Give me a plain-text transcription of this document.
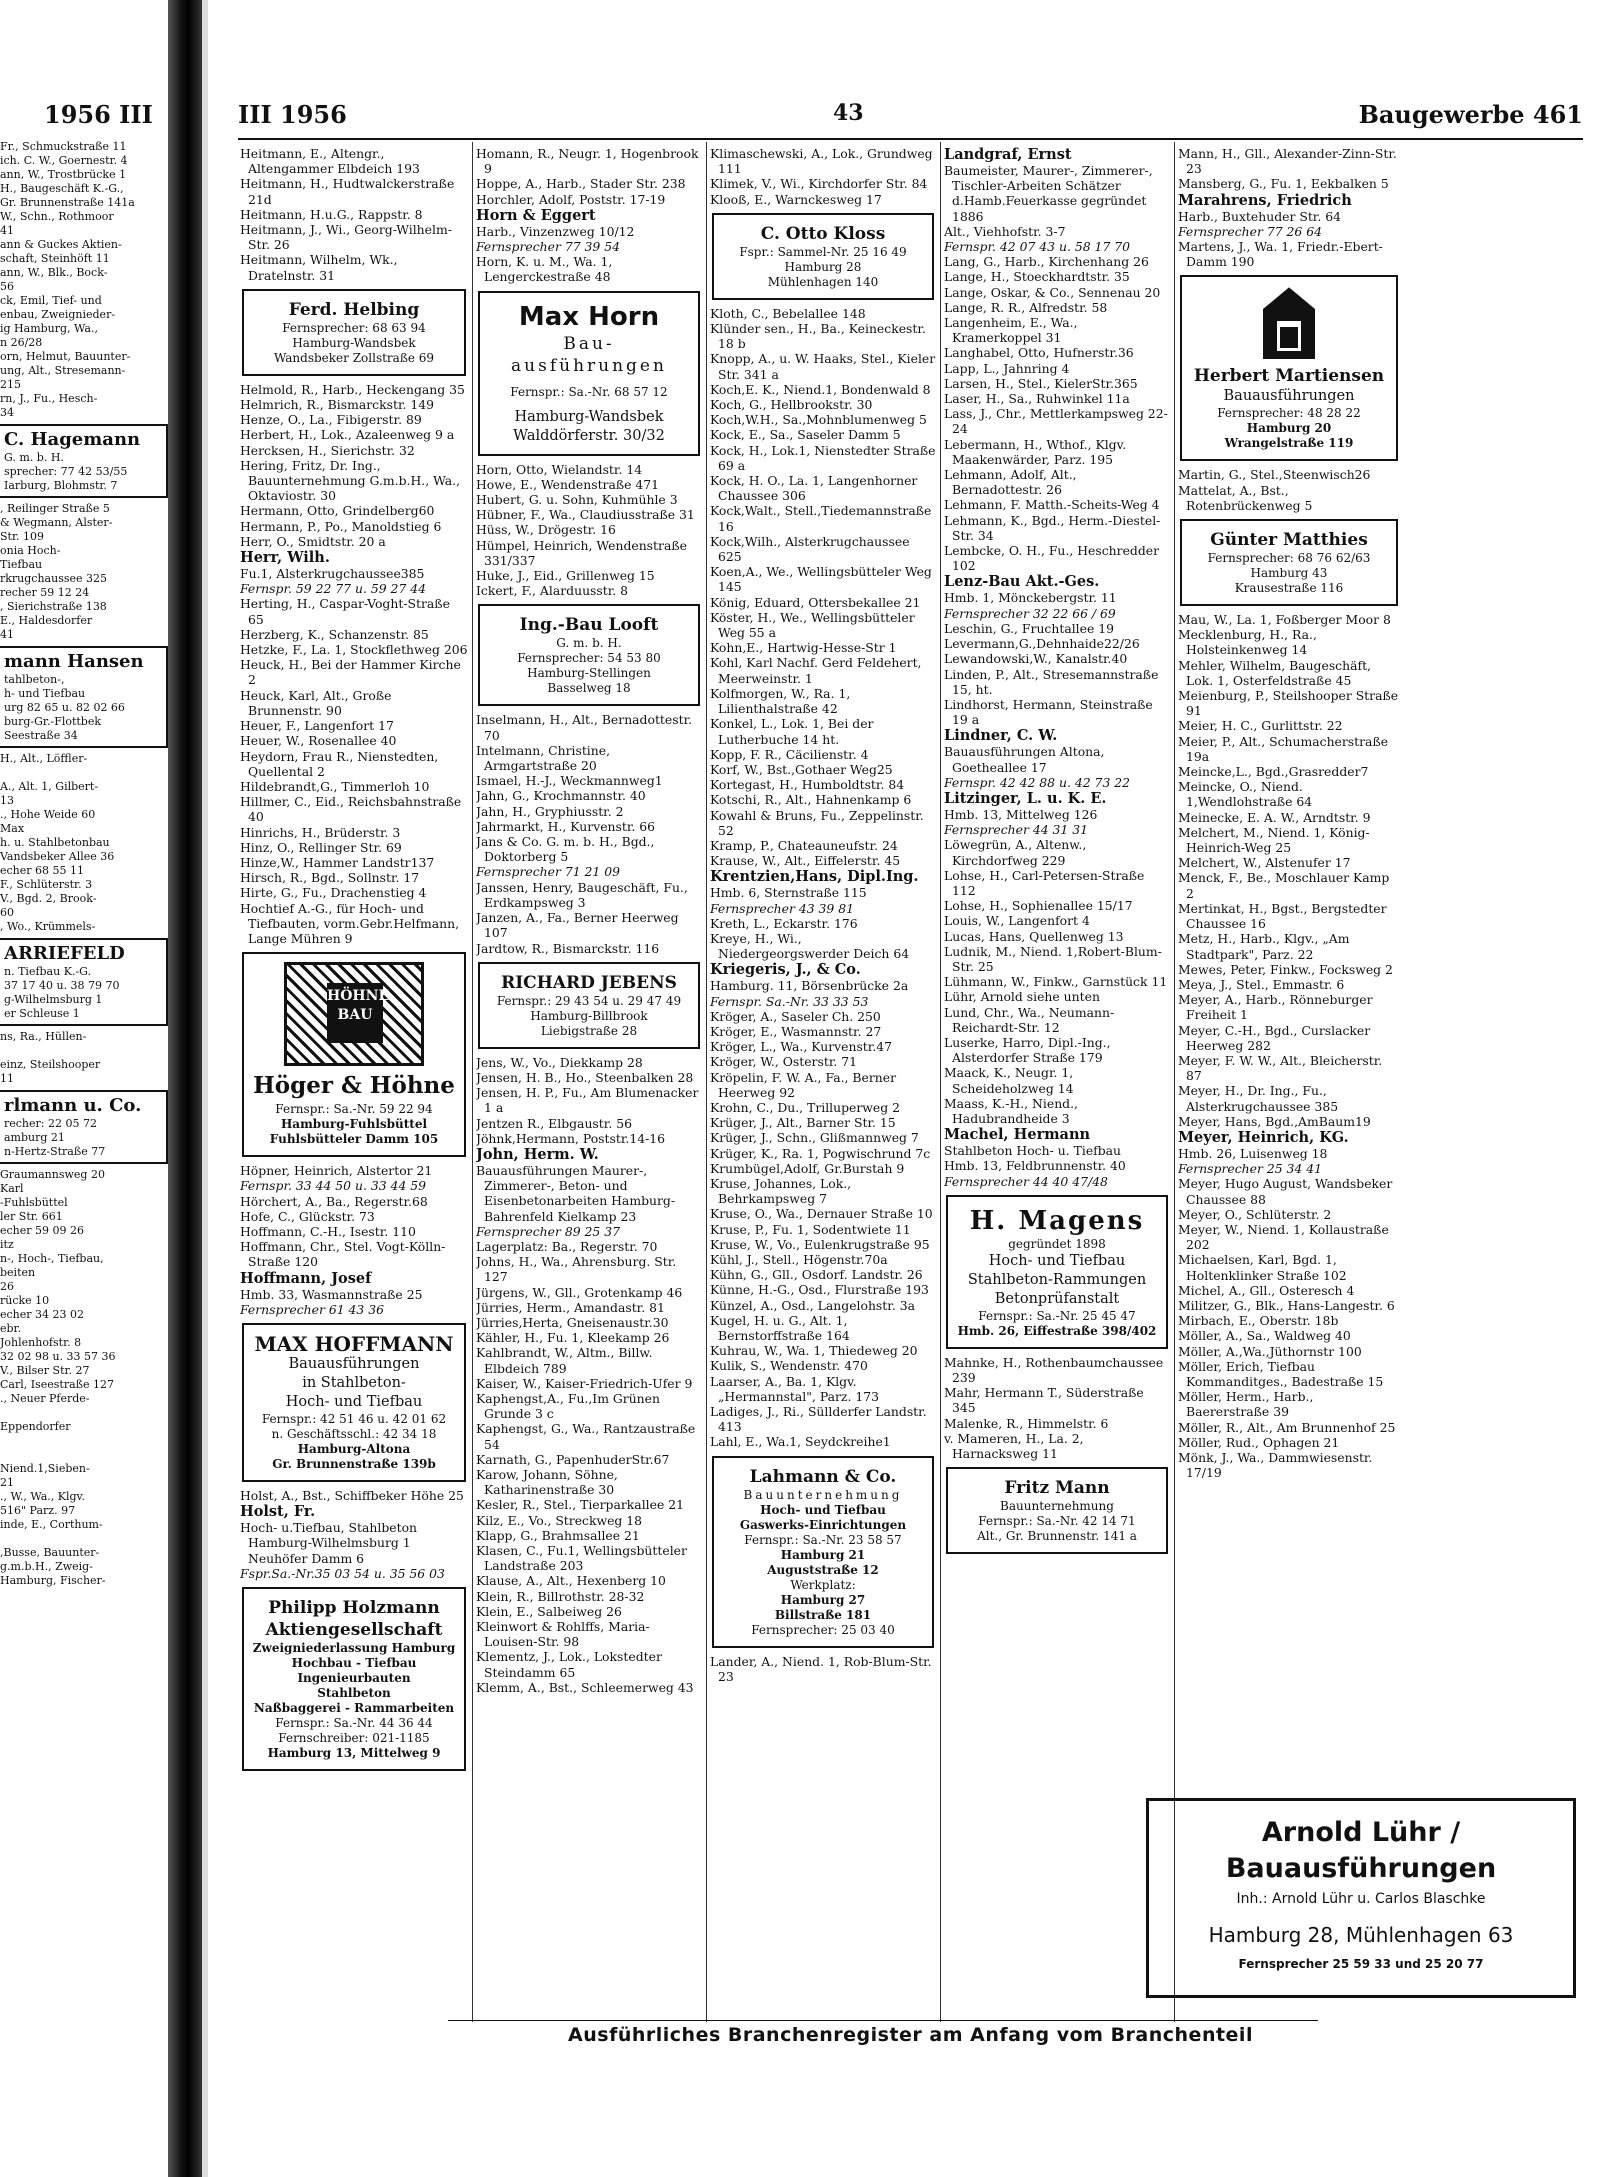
1956 III
Fr., Schmuckstraße 11
ich. C. W., Goernestr. 4
ann, W., Trostbrücke 1
H., Baugeschäft K.-G.,
Gr. Brunnenstraße 141a
W., Schn., Rothmoor
41
ann & Guckes Aktien-
schaft, Steinhöft 11
ann, W., Blk., Bock-
56
ck, Emil, Tief- und
enbau, Zweignieder-
ig Hamburg, Wa.,
n 26/28
orn, Helmut, Bauunter-
ung, Alt., Stresemann-
215
rn, J., Fu., Hesch-
34
C. Hagemann
G. m. b. H.
sprecher: 77 42 53/55
Iarburg, Blohmstr. 7
, Reilinger Straße 5
& Wegmann, Alster-
Str. 109
onia Hoch-
Tiefbau
rkrugchaussee 325
recher 59 12 24
, Sierichstraße 138
E., Haldesdorfer
41
mann Hansen
tahlbeton-,
h- und Tiefbau
urg 82 65 u. 82 02 66
burg-Gr.-Flottbek
Seestraße 34
H., Alt., Löffler-

A., Alt. 1, Gilbert-
13
., Hohe Weide 60
Max
h. u. Stahlbetonbau
Vandsbeker Allee 36
echer 68 55 11
F., Schlüterstr. 3
V., Bgd. 2, Brook-
60
, Wo., Krümmels-
ARRIEFELD
n. Tiefbau K.-G.
37 17 40 u. 38 79 70
g-Wilhelmsburg 1
er Schleuse 1
ns, Ra., Hüllen-

einz, Steilshooper
11
rlmann u. Co.
recher: 22 05 72
amburg 21
n-Hertz-Straße 77
Graumannsweg 20
Karl
-Fuhlsbüttel
ler Str. 661
echer 59 09 26
itz
n-, Hoch-, Tiefbau,
beiten
26
rücke 10
echer 34 23 02
ebr.
Johlenhofstr. 8
32 02 98 u. 33 57 36
V., Bilser Str. 27
Carl, Iseestraße 127
., Neuer Pferde-

Eppendorfer

Niend.1,Sieben-
21
., W., Wa., Klgv.
516" Parz. 97
inde, E., Corthum-

,Busse, Bauunter-
g.m.b.H., Zweig-
Hamburg, Fischer-
III 1956	43	Baugewerbe 461
Heitmann, E., Altengr., Altengammer Elbdeich 193
Heitmann, H., Hudtwalckerstraße 21d
Heitmann, H.u.G., Rappstr. 8
Heitmann, J., Wi., Georg-Wilhelm-Str. 26
Heitmann, Wilhelm, Wk., Dratelnstr. 31
Ferd. Helbing
Fernsprecher: 68 63 94
Hamburg-Wandsbek
Wandsbeker Zollstraße 69
Helmold, R., Harb., Heckengang 35
Helmrich, R., Bismarckstr. 149
Henze, O., La., Fibigerstr. 89
Herbert, H., Lok., Azaleenweg 9 a
Hercksen, H., Sierichstr. 32
Hering, Fritz, Dr. Ing., Bauunternehmung G.m.b.H., Wa., Oktaviostr. 30
Hermann, Otto, Grindelberg60
Hermann, P., Po., Manoldstieg 6
Herr, O., Smidtstr. 20 a
Herr, Wilh.
Fu.1, Alsterkrugchaussee385
Fernspr. 59 22 77 u. 59 27 44
Herting, H., Caspar-Voght-Straße 65
Herzberg, K., Schanzenstr. 85
Hetzke, F., La. 1, Stockflethweg 206
Heuck, H., Bei der Hammer Kirche 2
Heuck, Karl, Alt., Große Brunnenstr. 90
Heuer, F., Langenfort 17
Heuer, W., Rosenallee 40
Heydorn, Frau R., Nienstedten, Quellental 2
Hildebrandt,G., Timmerloh 10
Hillmer, C., Eid., Reichsbahnstraße 40
Hinrichs, H., Brüderstr. 3
Hinz, O., Rellinger Str. 69
Hinze,W., Hammer Landstr137
Hirsch, R., Bgd., Sollnstr. 17
Hirte, G., Fu., Drachenstieg 4
Hochtief A.-G., für Hoch- und Tiefbauten, vorm.Gebr.Helfmann, Lange Mühren 9
HÖHNE BAU
Höger & Höhne
Fernspr.: Sa.-Nr. 59 22 94
Hamburg-Fuhlsbüttel
Fuhlsbütteler Damm 105
Höpner, Heinrich, Alstertor 21
Fernspr. 33 44 50 u. 33 44 59
Hörchert, A., Ba., Regerstr.68
Hofe, C., Glückstr. 73
Hoffmann, C.-H., Isestr. 110
Hoffmann, Chr., Stel. Vogt-Kölln-Straße 120
Hoffmann, Josef
Hmb. 33, Wasmannstraße 25
Fernsprecher 61 43 36
MAX HOFFMANN
Bauausführungen
in Stahlbeton-
Hoch- und Tiefbau
Fernspr.: 42 51 46 u. 42 01 62
n. Geschäftsschl.: 42 34 18
Hamburg-Altona
Gr. Brunnenstraße 139b
Holst, A., Bst., Schiffbeker Höhe 25
Holst, Fr.
Hoch- u.Tiefbau, Stahlbeton Hamburg-Wilhelmsburg 1 Neuhöfer Damm 6
Fspr.Sa.-Nr.35 03 54 u. 35 56 03
Philipp Holzmann
Aktiengesellschaft
Zweigniederlassung Hamburg
Hochbau - Tiefbau
Ingenieurbauten
Stahlbeton
Naßbaggerei - Rammarbeiten
Fernspr.: Sa.-Nr. 44 36 44
Fernschreiber: 021-1185
Hamburg 13, Mittelweg 9
Homann, R., Neugr. 1, Hogenbrook 9
Hoppe, A., Harb., Stader Str. 238
Horchler, Adolf, Poststr. 17-19
Horn & Eggert
Harb., Vinzenzweg 10/12
Fernsprecher 77 39 54
Horn, K. u. M., Wa. 1, Lengerckestraße 48
Max Horn
Bau-
ausführungen
Fernspr.: Sa.-Nr. 68 57 12
Hamburg-Wandsbek
Walddörferstr. 30/32
Horn, Otto, Wielandstr. 14
Howe, E., Wendenstraße 471
Hubert, G. u. Sohn, Kuhmühle 3
Hübner, F., Wa., Claudiusstraße 31
Hüss, W., Drögestr. 16
Hümpel, Heinrich, Wendenstraße 331/337
Huke, J., Eid., Grillenweg 15
Ickert, F., Alarduusstr. 8
Ing.-Bau Looft
G. m. b. H.
Fernsprecher: 54 53 80
Hamburg-Stellingen
Basselweg 18
Inselmann, H., Alt., Bernadottestr. 70
Intelmann, Christine, Armgartstraße 20
Ismael, H.-J., Weckmannweg1
Jahn, G., Krochmannstr. 40
Jahn, H., Gryphiusstr. 2
Jahrmarkt, H., Kurvenstr. 66
Jans & Co. G. m. b. H., Bgd., Doktorberg 5
Fernsprecher 71 21 09
Janssen, Henry, Baugeschäft, Fu., Erdkampsweg 3
Janzen, A., Fa., Berner Heerweg 107
Jardtow, R., Bismarckstr. 116
RICHARD JEBENS
Fernspr.: 29 43 54 u. 29 47 49
Hamburg-Billbrook
Liebigstraße 28
Jens, W., Vo., Diekkamp 28
Jensen, H. B., Ho., Steenbalken 28
Jensen, H. P., Fu., Am Blumenacker 1 a
Jentzen R., Elbgaustr. 56
Jöhnk,Hermann, Poststr.14-16
John, Herm. W.
Bauausführungen Maurer-, Zimmerer-, Beton- und Eisenbetonarbeiten Hamburg-Bahrenfeld Kielkamp 23
Fernsprecher 89 25 37
Lagerplatz: Ba., Regerstr. 70
Johns, H., Wa., Ahrensburg. Str. 127
Jürgens, W., Gll., Grotenkamp 46
Jürries, Herm., Amandastr. 81
Jürries,Herta, Gneisenaustr.30
Kähler, H., Fu. 1, Kleekamp 26
Kahlbrandt, W., Altm., Billw. Elbdeich 789
Kaiser, W., Kaiser-Friedrich-Ufer 9
Kaphengst,A., Fu.,Im Grünen Grunde 3 c
Kaphengst, G., Wa., Rantzaustraße 54
Karnath, G., PapenhuderStr.67
Karow, Johann, Söhne, Katharinenstraße 30
Kesler, R., Stel., Tierparkallee 21
Kilz, E., Vo., Streckweg 18
Klapp, G., Brahmsallee 21
Klasen, C., Fu.1, Wellingsbütteler Landstraße 203
Klause, A., Alt., Hexenberg 10
Klein, R., Billrothstr. 28-32
Klein, E., Salbeiweg 26
Kleinwort & Rohlffs, Maria-Louisen-Str. 98
Klementz, J., Lok., Lokstedter Steindamm 65
Klemm, A., Bst., Schleemerweg 43
Klimaschewski, A., Lok., Grundweg 111
Klimek, V., Wi., Kirchdorfer Str. 84
Klooß, E., Warnckesweg 17
C. Otto Kloss
Fspr.: Sammel-Nr. 25 16 49
Hamburg 28
Mühlenhagen 140
Kloth, C., Bebelallee 148
Klünder sen., H., Ba., Keineckestr. 18 b
Knopp, A., u. W. Haaks, Stel., Kieler Str. 341 a
Koch,E. K., Niend.1, Bondenwald 8
Koch, G., Hellbrookstr. 30
Koch,W.H., Sa.,Mohnblumenweg 5
Kock, E., Sa., Saseler Damm 5
Kock, H., Lok.1, Nienstedter Straße 69 a
Kock, H. O., La. 1, Langenhorner Chaussee 306
Kock,Walt., Stell.,Tiedemannstraße 16
Kock,Wilh., Alsterkrugchaussee 625
Koen,A., We., Wellingsbütteler Weg 145
König, Eduard, Ottersbekallee 21
Köster, H., We., Wellingsbütteler Weg 55 a
Kohn,E., Hartwig-Hesse-Str 1
Kohl, Karl Nachf. Gerd Feldehert, Meerweinstr. 1
Kolfmorgen, W., Ra. 1, Lilienthalstraße 42
Konkel, L., Lok. 1, Bei der Lutherbuche 14 ht.
Kopp, F. R., Cäcilienstr. 4
Korf, W., Bst.,Gothaer Weg25
Kortegast, H., Humboldtstr. 84
Kotschi, R., Alt., Hahnenkamp 6
Kowahl & Bruns, Fu., Zeppelinstr. 52
Kramp, P., Chateauneufstr. 24
Krause, W., Alt., Eiffelerstr. 45
Krentzien,Hans, Dipl.Ing.
Hmb. 6, Sternstraße 115
Fernsprecher 43 39 81
Kreth, L., Eckarstr. 176
Kreye, H., Wi., Niedergeorgswerder Deich 64
Kriegeris, J., & Co.
Hamburg. 11, Börsenbrücke 2a
Fernspr. Sa.-Nr. 33 33 53
Kröger, A., Saseler Ch. 250
Kröger, E., Wasmannstr. 27
Kröger, L., Wa., Kurvenstr.47
Kröger, W., Osterstr. 71
Kröpelin, F. W. A., Fa., Berner Heerweg 92
Krohn, C., Du., Trilluperweg 2
Krüger, J., Alt., Barner Str. 15
Krüger, J., Schn., Glißmannweg 7
Krüger, K., Ra. 1, Pogwischrund 7c
Krumbügel,Adolf, Gr.Burstah 9
Kruse, Johannes, Lok., Behrkampsweg 7
Kruse, O., Wa., Dernauer Straße 10
Kruse, P., Fu. 1, Sodentwiete 11
Kruse, W., Vo., Eulenkrugstraße 95
Kühl, J., Stell., Högenstr.70a
Kühn, G., Gll., Osdorf. Landstr. 26
Künne, H.-G., Osd., Flurstraße 193
Künzel, A., Osd., Langelohstr. 3a
Kugel, H. u. G., Alt. 1, Bernstorffstraße 164
Kuhrau, W., Wa. 1, Thiedeweg 20
Kulik, S., Wendenstr. 470
Laarser, A., Ba. 1, Klgv. „Hermannstal", Parz. 173
Ladiges, J., Ri., Süllderfer Landstr. 413
Lahl, E., Wa.1, Seydckreihe1
Lahmann & Co.
Bauunternehmung
Hoch- und Tiefbau
Gaswerks-Einrichtungen
Fernspr.: Sa.-Nr. 23 58 57
Hamburg 21
Auguststraße 12
Werkplatz:
Hamburg 27
Billstraße 181
Fernsprecher: 25 03 40
Lander, A., Niend. 1, Rob-Blum-Str. 23
Landgraf, Ernst
Baumeister, Maurer-, Zimmerer-, Tischler-Arbeiten Schätzer d.Hamb.Feuerkasse gegründet 1886
Alt., Viehhofstr. 3-7
Fernspr. 42 07 43 u. 58 17 70
Lang, G., Harb., Kirchenhang 26
Lange, H., Stoeckhardtstr. 35
Lange, Oskar, & Co., Sennenau 20
Lange, R. R., Alfredstr. 58
Langenheim, E., Wa., Kramerkoppel 31
Langhabel, Otto, Hufnerstr.36
Lapp, L., Jahnring 4
Larsen, H., Stel., KielerStr.365
Laser, H., Sa., Ruhwinkel 11a
Lass, J., Chr., Mettlerkampsweg 22-24
Lebermann, H., Wthof., Klgv. Maakenwärder, Parz. 195
Lehmann, Adolf, Alt., Bernadottestr. 26
Lehmann, F. Matth.-Scheits-Weg 4
Lehmann, K., Bgd., Herm.-Diestel-Str. 34
Lembcke, O. H., Fu., Heschredder 102
Lenz-Bau Akt.-Ges.
Hmb. 1, Mönckebergstr. 11
Fernsprecher 32 22 66 / 69
Leschin, G., Fruchtallee 19
Levermann,G.,Dehnhaide22/26
Lewandowski,W., Kanalstr.40
Linden, P., Alt., Stresemannstraße 15, ht.
Lindhorst, Hermann, Steinstraße 19 a
Lindner, C. W.
Bauausführungen Altona, Goetheallee 17
Fernspr. 42 42 88 u. 42 73 22
Litzinger, L. u. K. E.
Hmb. 13, Mittelweg 126
Fernsprecher 44 31 31
Löwegrün, A., Altenw., Kirchdorfweg 229
Lohse, H., Carl-Petersen-Straße 112
Lohse, H., Sophienallee 15/17
Louis, W., Langenfort 4
Lucas, Hans, Quellenweg 13
Ludnik, M., Niend. 1,Robert-Blum-Str. 25
Lühmann, W., Finkw., Garnstück 11
Lühr, Arnold siehe unten
Lund, Chr., Wa., Neumann-Reichardt-Str. 12
Luserke, Harro, Dipl.-Ing., Alsterdorfer Straße 179
Maack, K., Neugr. 1, Scheideholzweg 14
Maass, K.-H., Niend., Hadubrandheide 3
Machel, Hermann
Stahlbeton Hoch- u. Tiefbau
Hmb. 13, Feldbrunnenstr. 40
Fernsprecher 44 40 47/48
H. Magens
gegründet 1898
Hoch- und Tiefbau
Stahlbeton-Rammungen
Betonprüfanstalt
Fernspr.: Sa.-Nr. 25 45 47
Hmb. 26, Eiffestraße 398/402
Mahnke, H., Rothenbaumchaussee 239
Mahr, Hermann T., Süderstraße 345
Malenke, R., Himmelstr. 6
v. Mameren, H., La. 2, Harnacksweg 11
Fritz Mann
Bauunternehmung
Fernspr.: Sa.-Nr. 42 14 71
Alt., Gr. Brunnenstr. 141 a
Mann, H., Gll., Alexander-Zinn-Str. 23
Mansberg, G., Fu. 1, Eekbalken 5
Marahrens, Friedrich
Harb., Buxtehuder Str. 64
Fernsprecher 77 26 64
Martens, J., Wa. 1, Friedr.-Ebert-Damm 190
Herbert Martiensen
Bauausführungen
Fernsprecher: 48 28 22
Hamburg 20
Wrangelstraße 119
Martin, G., Stel.,Steenwisch26
Mattelat, A., Bst., Rotenbrückenweg 5
Günter Matthies
Fernsprecher: 68 76 62/63
Hamburg 43
Krausestraße 116
Mau, W., La. 1, Foßberger Moor 8
Mecklenburg, H., Ra., Holsteinkenweg 14
Mehler, Wilhelm, Baugeschäft, Lok. 1, Osterfeldstraße 45
Meienburg, P., Steilshooper Straße 91
Meier, H. C., Gurlittstr. 22
Meier, P., Alt., Schumacherstraße 19a
Meincke,L., Bgd.,Grasredder7
Meincke, O., Niend. 1,Wendlohstraße 64
Meinecke, E. A. W., Arndtstr. 9
Melchert, M., Niend. 1, König-Heinrich-Weg 25
Melchert, W., Alstenufer 17
Menck, F., Be., Moschlauer Kamp 2
Mertinkat, H., Bgst., Bergstedter Chaussee 16
Metz, H., Harb., Klgv., „Am Stadtpark", Parz. 22
Mewes, Peter, Finkw., Focksweg 2
Meya, J., Stel., Emmastr. 6
Meyer, A., Harb., Rönneburger Freiheit 1
Meyer, C.-H., Bgd., Curslacker Heerweg 282
Meyer, F. W. W., Alt., Bleicherstr. 87
Meyer, H., Dr. Ing., Fu., Alsterkrugchaussee 385
Meyer, Hans, Bgd.,AmBaum19
Meyer, Heinrich, KG.
Hmb. 26, Luisenweg 18
Fernsprecher 25 34 41
Meyer, Hugo August, Wandsbeker Chaussee 88
Meyer, O., Schlüterstr. 2
Meyer, W., Niend. 1, Kollaustraße 202
Michaelsen, Karl, Bgd. 1, Holtenklinker Straße 102
Michel, A., Gll., Osteresch 4
Militzer, G., Blk., Hans-Langestr. 6
Mirbach, E., Oberstr. 18b
Möller, A., Sa., Waldweg 40
Möller, A.,Wa.,Jüthornstr 100
Möller, Erich, Tiefbau Kommanditges., Badestraße 15
Möller, Herm., Harb., Baererstraße 39
Möller, R., Alt., Am Brunnenhof 25
Möller, Rud., Ophagen 21
Mönk, J., Wa., Dammwiesenstr. 17/19
Arnold Lühr / Bauausführungen
Inh.: Arnold Lühr u. Carlos Blaschke
Hamburg 28, Mühlenhagen 63
Fernsprecher 25 59 33 und 25 20 77
Ausführliches Branchenregister am Anfang vom Branchenteil
